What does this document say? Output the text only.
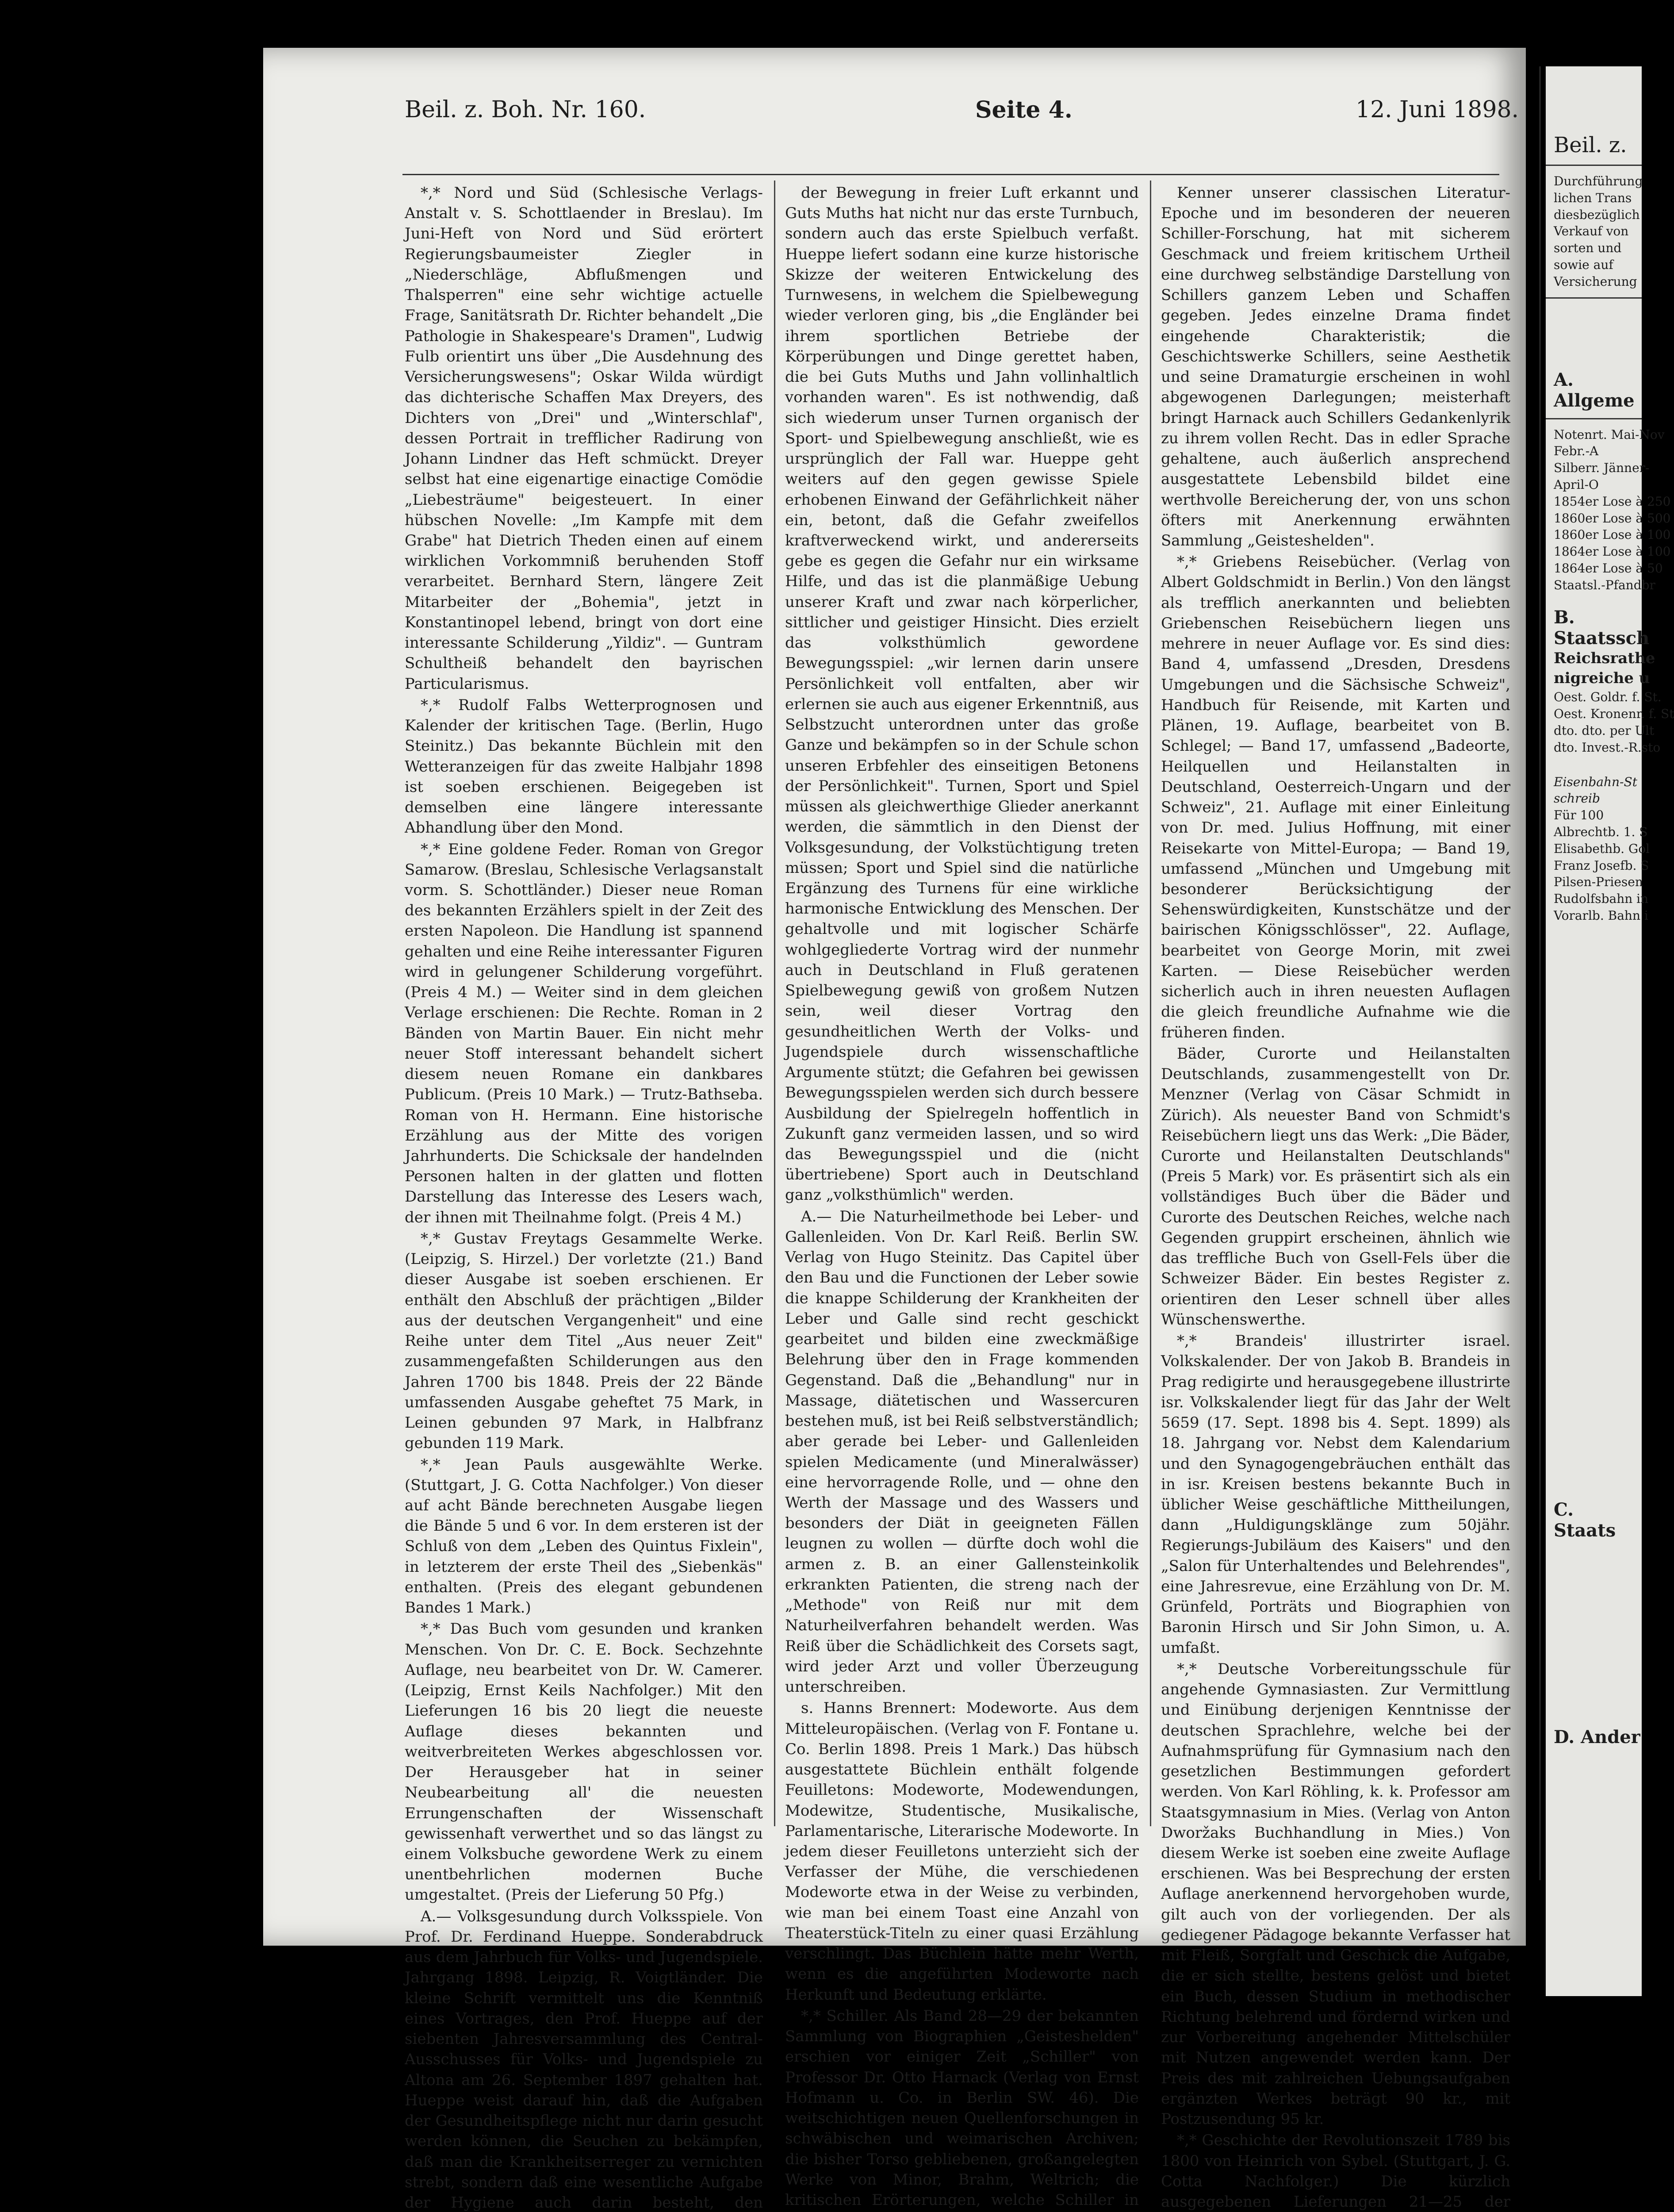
Beil. z. Boh. Nr. 160.	Seite 4.	12. Juni 1898.

*,* Nord und Süd (Schlesische Verlags-Anstalt v. S. Schottlaender in Breslau). Im Juni-Heft von Nord und Süd erörtert Regierungsbaumeister Ziegler in „Niederschläge, Abflußmengen und Thalsperren" eine sehr wichtige actuelle Frage, Sanitätsrath Dr. Richter behandelt „Die Pathologie in Shakespeare's Dramen", Ludwig Fulb orientirt uns über „Die Ausdehnung des Versicherungswesens"; Oskar Wilda würdigt das dichterische Schaffen Max Dreyers, des Dichters von „Drei" und „Winterschlaf", dessen Portrait in trefflicher Radirung von Johann Lindner das Heft schmückt. Dreyer selbst hat eine eigenartige einactige Comödie „Liebesträume" beigesteuert. In einer hübschen Novelle: „Im Kampfe mit dem Grabe" hat Dietrich Theden einen auf einem wirklichen Vorkommniß beruhenden Stoff verarbeitet. Bernhard Stern, längere Zeit Mitarbeiter der „Bohemia", jetzt in Konstantinopel lebend, bringt von dort eine interessante Schilderung „Yildiz". — Guntram Schultheiß behandelt den bayrischen Particularismus.

*,* Rudolf Falbs Wetterprognosen und Kalender der kritischen Tage. (Berlin, Hugo Steinitz.) Das bekannte Büchlein mit den Wetteranzeigen für das zweite Halbjahr 1898 ist soeben erschienen. Beigegeben ist demselben eine längere interessante Abhandlung über den Mond.

*,* Eine goldene Feder. Roman von Gregor Samarow. (Breslau, Schlesische Verlagsanstalt vorm. S. Schottländer.) Dieser neue Roman des bekannten Erzählers spielt in der Zeit des ersten Napoleon. Die Handlung ist spannend gehalten und eine Reihe interessanter Figuren wird in gelungener Schilderung vorgeführt. (Preis 4 M.) — Weiter sind in dem gleichen Verlage erschienen: Die Rechte. Roman in 2 Bänden von Martin Bauer. Ein nicht mehr neuer Stoff interessant behandelt sichert diesem neuen Romane ein dankbares Publicum. (Preis 10 Mark.) — Trutz-Bathseba. Roman von H. Hermann. Eine historische Erzählung aus der Mitte des vorigen Jahrhunderts. Die Schicksale der handelnden Personen halten in der glatten und flotten Darstellung das Interesse des Lesers wach, der ihnen mit Theilnahme folgt. (Preis 4 M.)

*,* Gustav Freytags Gesammelte Werke. (Leipzig, S. Hirzel.) Der vorletzte (21.) Band dieser Ausgabe ist soeben erschienen. Er enthält den Abschluß der prächtigen „Bilder aus der deutschen Vergangenheit" und eine Reihe unter dem Titel „Aus neuer Zeit" zusammengefaßten Schilderungen aus den Jahren 1700 bis 1848. Preis der 22 Bände umfassenden Ausgabe geheftet 75 Mark, in Leinen gebunden 97 Mark, in Halbfranz gebunden 119 Mark.

*,* Jean Pauls ausgewählte Werke. (Stuttgart, J. G. Cotta Nachfolger.) Von dieser auf acht Bände berechneten Ausgabe liegen die Bände 5 und 6 vor. In dem ersteren ist der Schluß von dem „Leben des Quintus Fixlein", in letzterem der erste Theil des „Siebenkäs" enthalten. (Preis des elegant gebundenen Bandes 1 Mark.)

*,* Das Buch vom gesunden und kranken Menschen. Von Dr. C. E. Bock. Sechzehnte Auflage, neu bearbeitet von Dr. W. Camerer. (Leipzig, Ernst Keils Nachfolger.) Mit den Lieferungen 16 bis 20 liegt die neueste Auflage dieses bekannten und weitverbreiteten Werkes abgeschlossen vor. Der Herausgeber hat in seiner Neubearbeitung all' die neuesten Errungenschaften der Wissenschaft gewissenhaft verwerthet und so das längst zu einem Volksbuche gewordene Werk zu einem unentbehrlichen modernen Buche umgestaltet. (Preis der Lieferung 50 Pfg.)

A.— Volksgesundung durch Volksspiele. Von Prof. Dr. Ferdinand Hueppe. Sonderabdruck aus dem Jahrbuch für Volks- und Jugendspiele. Jahrgang 1898. Leipzig, R. Voigtländer. Die kleine Schrift vermittelt uns die Kenntniß eines Vortrages, den Prof. Hueppe auf der siebenten Jahresversammlung des Central-Ausschusses für Volks- und Jugendspiele zu Altona am 26. September 1897 gehalten hat. Hueppe weist darauf hin, daß die Aufgaben der Gesundheitspflege nicht nur darin gesucht werden können, die Seuchen zu bekämpfen, daß man die Krankheitserreger zu vernichten strebt, sondern daß eine wesentliche Aufgabe der Hygiene auch darin besteht, den

der Bewegung in freier Luft erkannt und Guts Muths hat nicht nur das erste Turnbuch, sondern auch das erste Spielbuch verfaßt. Hueppe liefert sodann eine kurze historische Skizze der weiteren Entwickelung des Turnwesens, in welchem die Spielbewegung wieder verloren ging, bis „die Engländer bei ihrem sportlichen Betriebe der Körperübungen und Dinge gerettet haben, die bei Guts Muths und Jahn vollinhaltlich vorhanden waren". Es ist nothwendig, daß sich wiederum unser Turnen organisch der Sport- und Spielbewegung anschließt, wie es ursprünglich der Fall war. Hueppe geht weiters auf den gegen gewisse Spiele erhobenen Einwand der Gefährlichkeit näher ein, betont, daß die Gefahr zweifellos kraftverweckend wirkt, und andererseits gebe es gegen die Gefahr nur ein wirksame Hilfe, und das ist die planmäßige Uebung unserer Kraft und zwar nach körperlicher, sittlicher und geistiger Hinsicht. Dies erzielt das volksthümlich gewordene Bewegungsspiel: „wir lernen darin unsere Persönlichkeit voll entfalten, aber wir erlernen sie auch aus eigener Erkenntniß, aus Selbstzucht unterordnen unter das große Ganze und bekämpfen so in der Schule schon unseren Erbfehler des einseitigen Betonens der Persönlichkeit". Turnen, Sport und Spiel müssen als gleichwerthige Glieder anerkannt werden, die sämmtlich in den Dienst der Volksgesundung, der Volkstüchtigung treten müssen; Sport und Spiel sind die natürliche Ergänzung des Turnens für eine wirkliche harmonische Entwicklung des Menschen. Der gehaltvolle und mit logischer Schärfe wohlgegliederte Vortrag wird der nunmehr auch in Deutschland in Fluß geratenen Spielbewegung gewiß von großem Nutzen sein, weil dieser Vortrag den gesundheitlichen Werth der Volks- und Jugendspiele durch wissenschaftliche Argumente stützt; die Gefahren bei gewissen Bewegungsspielen werden sich durch bessere Ausbildung der Spielregeln hoffentlich in Zukunft ganz vermeiden lassen, und so wird das Bewegungsspiel und die (nicht übertriebene) Sport auch in Deutschland ganz „volksthümlich" werden.

A.— Die Naturheilmethode bei Leber- und Gallenleiden. Von Dr. Karl Reiß. Berlin SW. Verlag von Hugo Steinitz. Das Capitel über den Bau und die Functionen der Leber sowie die knappe Schilderung der Krankheiten der Leber und Galle sind recht geschickt gearbeitet und bilden eine zweckmäßige Belehrung über den in Frage kommenden Gegenstand. Daß die „Behandlung" nur in Massage, diätetischen und Wassercuren bestehen muß, ist bei Reiß selbstverständlich; aber gerade bei Leber- und Gallenleiden spielen Medicamente (und Mineralwässer) eine hervorragende Rolle, und — ohne den Werth der Massage und des Wassers und besonders der Diät in geeigneten Fällen leugnen zu wollen — dürfte doch wohl die armen z. B. an einer Gallensteinkolik erkrankten Patienten, die streng nach der „Methode" von Reiß nur mit dem Naturheilverfahren behandelt werden. Was Reiß über die Schädlichkeit des Corsets sagt, wird jeder Arzt und voller Überzeugung unterschreiben.

s. Hanns Brennert: Modeworte. Aus dem Mitteleuropäischen. (Verlag von F. Fontane u. Co. Berlin 1898. Preis 1 Mark.) Das hübsch ausgestattete Büchlein enthält folgende Feuilletons: Modeworte, Modewendungen, Modewitze, Studentische, Musikalische, Parlamentarische, Literarische Modeworte. In jedem dieser Feuilletons unterzieht sich der Verfasser der Mühe, die verschiedenen Modeworte etwa in der Weise zu verbinden, wie man bei einem Toast eine Anzahl von Theaterstück-Titeln zu einer quasi Erzählung verschlingt. Das Büchlein hätte mehr Werth, wenn es die angeführten Modeworte nach Herkunft und Bedeutung erklärte.

*,* Schiller. Als Band 28—29 der bekannten Sammlung von Biographien „Geisteshelden" erschien vor einiger Zeit „Schiller" von Professor Dr. Otto Harnack (Verlag von Ernst Hofmann u. Co. in Berlin SW. 46). Die weitschichtigen neuen Quellenforschungen in schwäbischen und weimarischen Archiven; die bisher Torso gebliebenen, großangelegten Werke von Minor, Brahm, Weltrich; die kritischen Erörterungen, welche Schiller in

Kenner unserer classischen Literatur-Epoche und im besonderen der neueren Schiller-Forschung, hat mit sicherem Geschmack und freiem kritischem Urtheil eine durchweg selbständige Darstellung von Schillers ganzem Leben und Schaffen gegeben. Jedes einzelne Drama findet eingehende Charakteristik; die Geschichtswerke Schillers, seine Aesthetik und seine Dramaturgie erscheinen in wohl abgewogenen Darlegungen; meisterhaft bringt Harnack auch Schillers Gedankenlyrik zu ihrem vollen Recht. Das in edler Sprache gehaltene, auch äußerlich ansprechend ausgestattete Lebensbild bildet eine werthvolle Bereicherung der, von uns schon öfters mit Anerkennung erwähnten Sammlung „Geisteshelden".

*,* Griebens Reisebücher. (Verlag von Albert Goldschmidt in Berlin.) Von den längst als trefflich anerkannten und beliebten Griebenschen Reisebüchern liegen uns mehrere in neuer Auflage vor. Es sind dies: Band 4, umfassend „Dresden, Dresdens Umgebungen und die Sächsische Schweiz", Handbuch für Reisende, mit Karten und Plänen, 19. Auflage, bearbeitet von B. Schlegel; — Band 17, umfassend „Badeorte, Heilquellen und Heilanstalten in Deutschland, Oesterreich-Ungarn und der Schweiz", 21. Auflage mit einer Einleitung von Dr. med. Julius Hoffnung, mit einer Reisekarte von Mittel-Europa; — Band 19, umfassend „München und Umgebung mit besonderer Berücksichtigung der Sehenswürdigkeiten, Kunstschätze und der bairischen Königsschlösser", 22. Auflage, bearbeitet von George Morin, mit zwei Karten. — Diese Reisebücher werden sicherlich auch in ihren neuesten Auflagen die gleich freundliche Aufnahme wie die früheren finden.

Bäder, Curorte und Heilanstalten Deutschlands, zusammengestellt von Dr. Menzner (Verlag von Cäsar Schmidt in Zürich). Als neuester Band von Schmidt's Reisebüchern liegt uns das Werk: „Die Bäder, Curorte und Heilanstalten Deutschlands" (Preis 5 Mark) vor. Es präsentirt sich als ein vollständiges Buch über die Bäder und Curorte des Deutschen Reiches, welche nach Gegenden gruppirt erscheinen, ähnlich wie das treffliche Buch von Gsell-Fels über die Schweizer Bäder. Ein bestes Register z. orientiren den Leser schnell über alles Wünschenswerthe.

*,* Brandeis' illustrirter israel. Volkskalender. Der von Jakob B. Brandeis in Prag redigirte und herausgegebene illustrirte isr. Volkskalender liegt für das Jahr der Welt 5659 (17. Sept. 1898 bis 4. Sept. 1899) als 18. Jahrgang vor. Nebst dem Kalendarium und den Synagogengebräuchen enthält das in isr. Kreisen bestens bekannte Buch in üblicher Weise geschäftliche Mittheilungen, dann „Huldigungsklänge zum 50jähr. Regierungs-Jubiläum des Kaisers" und den „Salon für Unterhaltendes und Belehrendes", eine Jahresrevue, eine Erzählung von Dr. M. Grünfeld, Porträts und Biographien von Baronin Hirsch und Sir John Simon, u. A. umfaßt.

*,* Deutsche Vorbereitungsschule für angehende Gymnasiasten. Zur Vermittlung und Einübung derjenigen Kenntnisse der deutschen Sprachlehre, welche bei der Aufnahmsprüfung für Gymnasium nach den gesetzlichen Bestimmungen gefordert werden. Von Karl Röhling, k. k. Professor am Staatsgymnasium in Mies. (Verlag von Anton Dworžaks Buchhandlung in Mies.) Von diesem Werke ist soeben eine zweite Auflage erschienen. Was bei Besprechung der ersten Auflage anerkennend hervorgehoben wurde, gilt auch von der vorliegenden. Der als gediegener Pädagoge bekannte Verfasser hat mit Fleiß, Sorgfalt und Geschick die Aufgabe, die er sich stellte, bestens gelöst und bietet ein Buch, dessen Studium in methodischer Richtung belehrend und fördernd wirken und zur Vorbereitung angehender Mittelschüler mit Nutzen angewendet werden kann. Der Preis des mit zahlreichen Uebungsaufgaben ergänzten Werkes beträgt 90 kr., mit Postzusendung 95 kr.

*,* Geschichte der Revolutionszeit 1789 bis 1800 von Heinrich von Sybel. (Stuttgart, J. G. Cotta Nachfolger.) Die kürzlich ausgegebenen Lieferungen 21—25 der

Beil. z.
Durchführung
lichen Trans
diesbezüglich
Verkauf von
sorten und
sowie auf
Versicherung
A. Allgeme
Notenrt. Mai-Nov
Febr.-A
Silberr. Jänner-
April-O
1854er Lose à 250
1860er Lose à 500
1860er Lose à 100
1864er Lose à 100
1864er Lose à 50
Staatsl.-Pfandbr
B. Staatssch
Reichsrathe
nigreiche u
Oest. Goldr. f. St.
Oest. Kronenr. f. St
dto. dto. per Ult
dto. Invest.-R.sto
Eisenbahn-St
schreib
Für 100
Albrechtb. 1. S
Elisabethb. Gol
Franz Josefb. S
Pilsen-Priesen
Rudolfsbahn in
Vorarlb. Bahn i
C. Staats
D. Ander
